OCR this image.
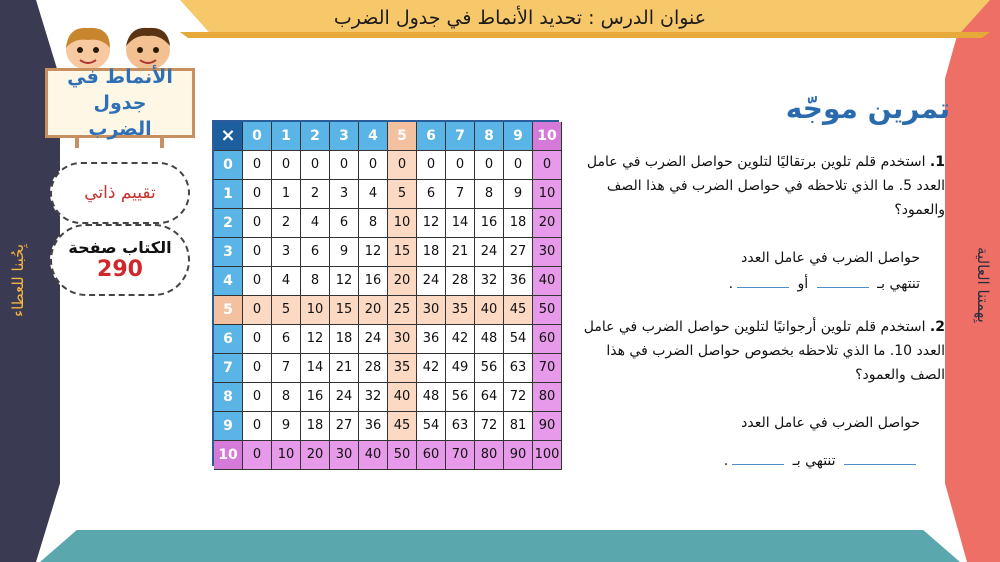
بِحُبنا للعطاء	بِهمتنا العالية
عنوان الدرس : تحديد الأنماط في جدول الضرب
الأنماط في جدول الضرب
تقييم ذاتي
الكتاب صفحة
290
×	0	1	2	3	4	5	6	7	8	9	10
0	0	0	0	0	0	0	0	0	0	0	0
1	0	1	2	3	4	5	6	7	8	9	10
2	0	2	4	6	8	10 12 14 16 18 20
3	0	3	6	9	12 15 18 21 24 27 30
4	0	4	8	12 16 20 24 28 32 36 40
5	0	5	10 15 20 25 30 35 40 45 50
6	0	6	12 18 24 30 36 42 48 54 60
7	0	7	14 21 28 35 42 49 56 63 70
8	0	8	16 24 32 40 48 56 64 72 80
9	0	9	18 27 36 45 54 63 72 81 90
10	0	10 20 30 40 50 60 70 80 90 100
تمرين موجّه
1. استخدم قلم تلوين برتقاليًا لتلوين حواصل الضرب في عامل العدد 5. ما الذي تلاحظه في حواصل الضرب في هذا الصف والعمود؟
حواصل الضرب في عامل العدد
تنتهي بـ  أو .
2. استخدم قلم تلوين أرجوانيًا لتلوين حواصل الضرب في عامل العدد 10. ما الذي تلاحظه بخصوص حواصل الضرب في هذا الصف والعمود؟
حواصل الضرب في عامل العدد
تنتهي بـ .
